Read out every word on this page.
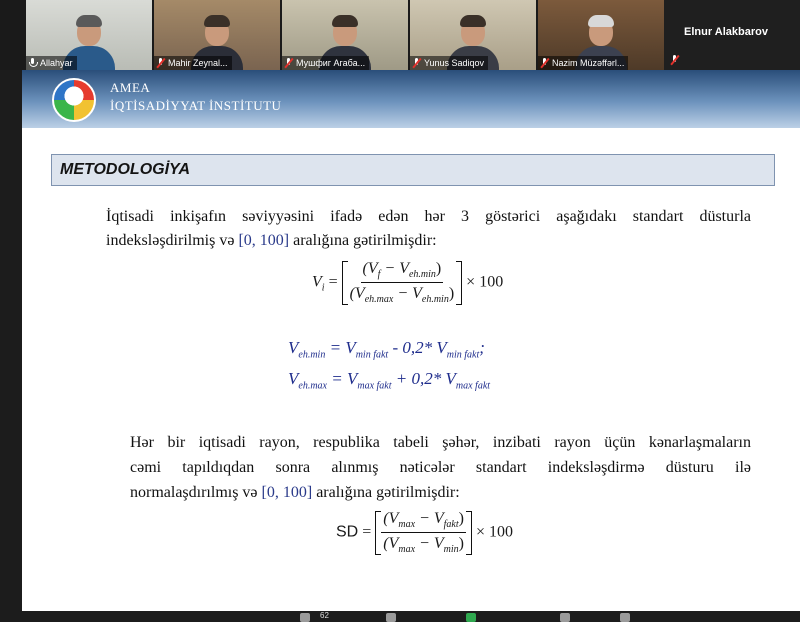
Allahyar	Mahir Zeynal...	Мушфиг Агаба...	Yunus Sadiqov	Nazim Müzəffərl...
Elnur Alakbarov
AMEA
İQTİSADİYYAT İNSTİTUTU
METODOLOGİYA
İqtisadi inkişafın səviyyəsini ifadə edən hər 3 göstərici aşağıdakı standart düsturla
indeksləşdirilmiş və [0, 100] aralığına gətirilmişdir:
$V_i = \frac{(V_f - V_{eh.min})}{(V_{eh.max} - V_{eh.min})} \times 100$
$V_{eh.min} = V_{min fakt} - 0,2*$ $V_{min fakt}$;
$V_{eh.max} = V_{max fakt} + 0,2*$ $V_{max fakt}$
Hər bir iqtisadi rayon, respublika tabeli şəhər, inzibati rayon üçün kənarlaşmaların
cəmi tapıldıqdan sonra alınmış nəticələr standart indeksləşdirmə düsturu ilə
normalaşdırılmış və [0, 100] aralığına gətirilmişdir:
SD = $\frac{(V_{max} - V_{fakt})}{(V_{max} - V_{min})} \times 100$
62
